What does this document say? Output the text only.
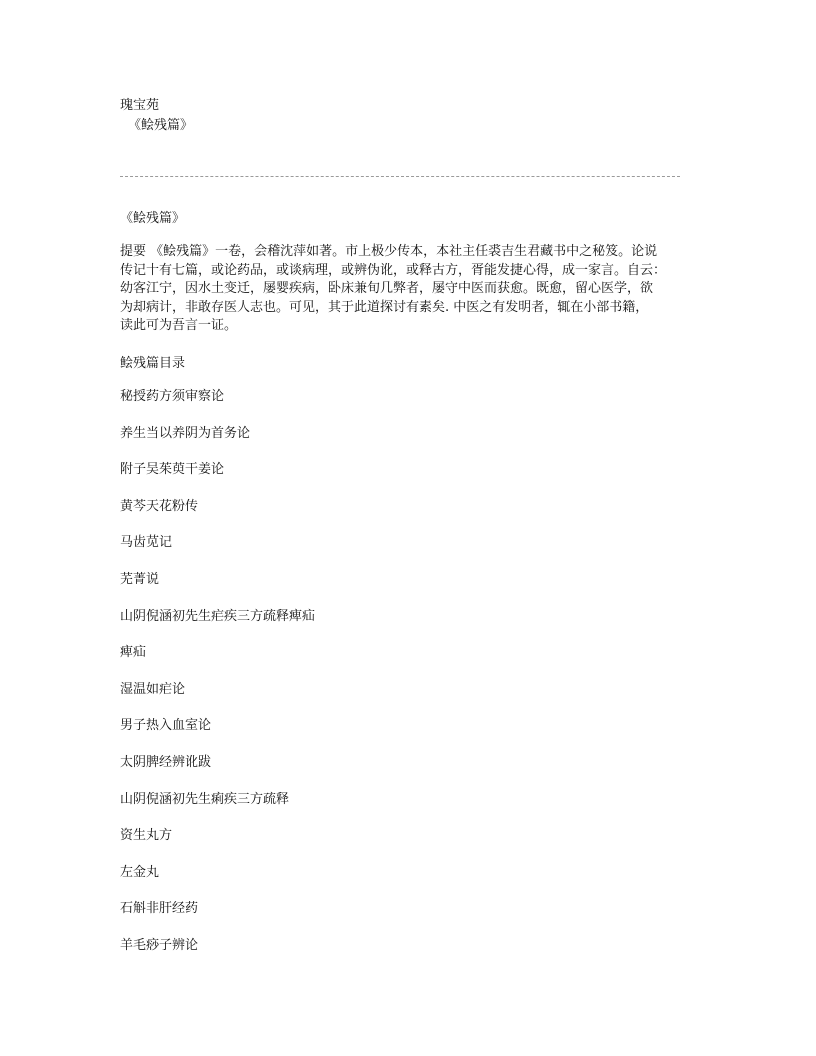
瑰宝苑
《鲙残篇》
《鲙残篇》
提要 《鲙残篇》一卷，会稽沈萍如著。市上极少传本，本社主任裘吉生君藏书中之秘笈。论说
传记十有七篇，或论药品，或谈病理，或辨伪讹，或释古方，胥能发捷心得，成一家言。自云：
幼客江宁，因水土变迁，屡婴疾病，卧床兼旬几弊者，屡守中医而获愈。既愈，留心医学，欲
为却病计，非敢存医人志也。可见，其于此道探讨有素矣. 中医之有发明者，辄在小部书籍，
读此可为吾言一证。
鲙残篇目录
秘授药方须审察论
养生当以养阴为首务论
附子吴茱萸干姜论
黄芩天花粉传
马齿苋记
芜菁说
山阴倪涵初先生疟疾三方疏释痺疝
痺疝
湿温如疟论
男子热入血室论
太阴脾经辨讹跋
山阴倪涵初先生痢疾三方疏释
资生丸方
左金丸
石斛非肝经药
羊毛痧子辨论
